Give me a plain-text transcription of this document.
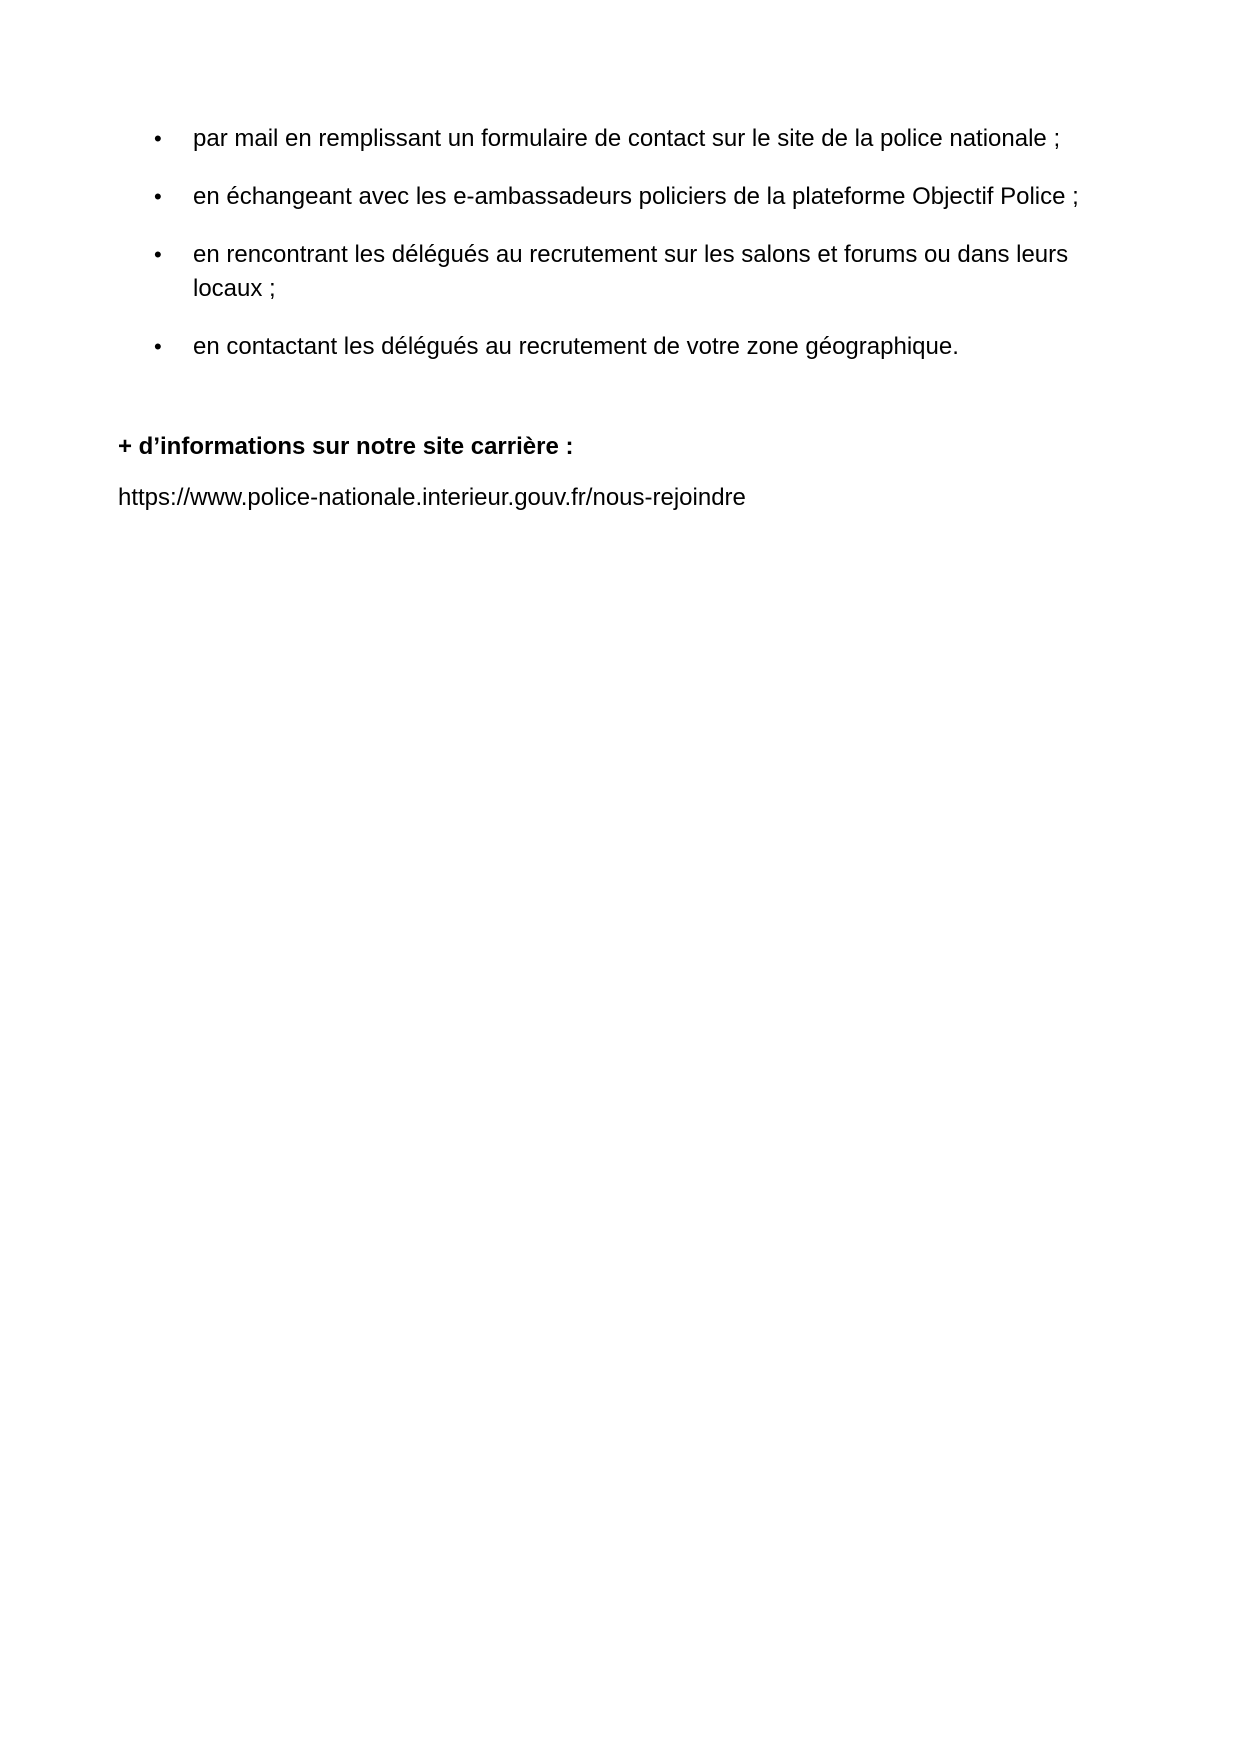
• par mail en remplissant un formulaire de contact sur le site de la police nationale ;
• en échangeant avec les e-ambassadeurs policiers de la plateforme Objectif Police ;
• en rencontrant les délégués au recrutement sur les salons et forums ou dans leurs locaux ;
• en contactant les délégués au recrutement de votre zone géographique.

+ d’informations sur notre site carrière :

https://www.police-nationale.interieur.gouv.fr/nous-rejoindre
